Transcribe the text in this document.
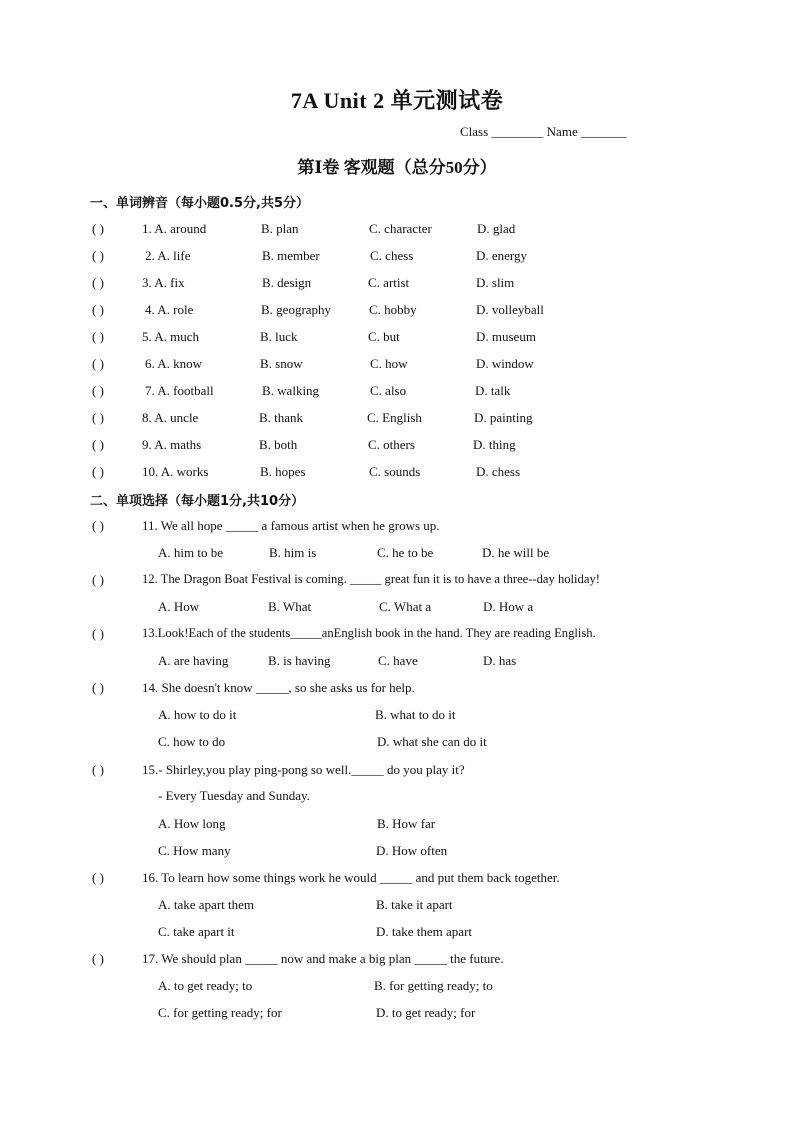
7A Unit 2 单元测试卷
Class ________ Name _______
第Ⅰ卷 客观题（总分50分）
一、单词辨音（每小题0.5分,共5分）
( )	1. A. around	B. plan	C. character	D. glad
( )	2. A. life	B. member	C. chess	D. energy
( )	3. A. fix	B. design	C. artist	D. slim
( )	4. A. role	B. geography	C. hobby	D. volleyball
( )	5. A. much	B. luck	C. but	D. museum
( )	6. A. know	B. snow	C. how	D. window
( )	7. A. football	B. walking	C. also	D. talk
( )	8. A. uncle	B. thank	C. English	D. painting
( )	9. A. maths	B. both	C. others	D. thing
( )	10. A. works	B. hopes	C. sounds	D. chess
二、单项选择（每小题1分,共10分）
( )	11. We all hope _____ a famous artist when he grows up.
A. him to be	B. him is	C. he to be	D. he will be
( )	12. The Dragon Boat Festival is coming. _____ great fun it is to have a three--day holiday!
A. How	B. What	C. What a	D. How a
( )	13.Look!Each of the students_____anEnglish book in the hand. They are reading English.
A. are having	B. is having	C. have	D. has
( )	14. She doesn't know _____, so she asks us for help.
A. how to do it	B. what to do it
C. how to do	D. what she can do it
( )	15.- Shirley,you play ping-pong so well._____ do you play it?
- Every Tuesday and Sunday.
A. How long	B. How far
C. How many	D. How often
( )	16. To learn how some things work he would _____ and put them back together.
A. take apart them	B. take it apart
C. take apart it	D. take them apart
( )	17. We should plan _____ now and make a big plan _____ the future.
A. to get ready; to	B. for getting ready; to
C. for getting ready; for	D. to get ready; for
